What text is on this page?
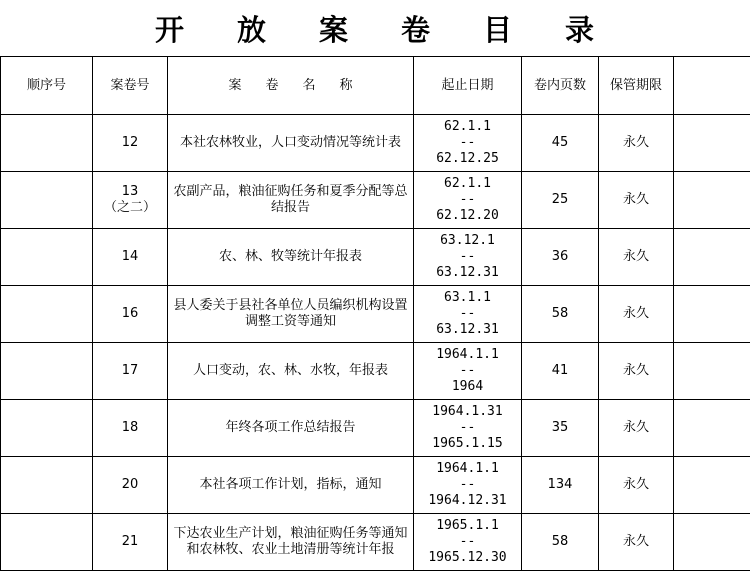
开 放 案 卷 目 录
顺序号	案卷号	案 卷 名 称	起止日期	卷内页数	保管期限	
	12	本社农林牧业，人口变动情况等统计表	62.1.1
--
62.12.25	45	永久	
	13
（之二）	农副产品，粮油征购任务和夏季分配等总结报告	62.1.1
--
62.12.20	25	永久	
	14	农、林、牧等统计年报表	63.12.1
--
63.12.31	36	永久	
	16	县人委关于县社各单位人员编织机构设置调整工资等通知	63.1.1
--
63.12.31	58	永久	
	17	人口变动，农、林、水牧，年报表	1964.1.1
--
1964	41	永久	
	18	年终各项工作总结报告	1964.1.31
--
1965.1.15	35	永久	
	20	本社各项工作计划，指标，通知	1964.1.1
--
1964.12.31	134	永久	
	21	下达农业生产计划，粮油征购任务等通知和农林牧、农业土地清册等统计年报	1965.1.1
--
1965.12.30	58	永久	
